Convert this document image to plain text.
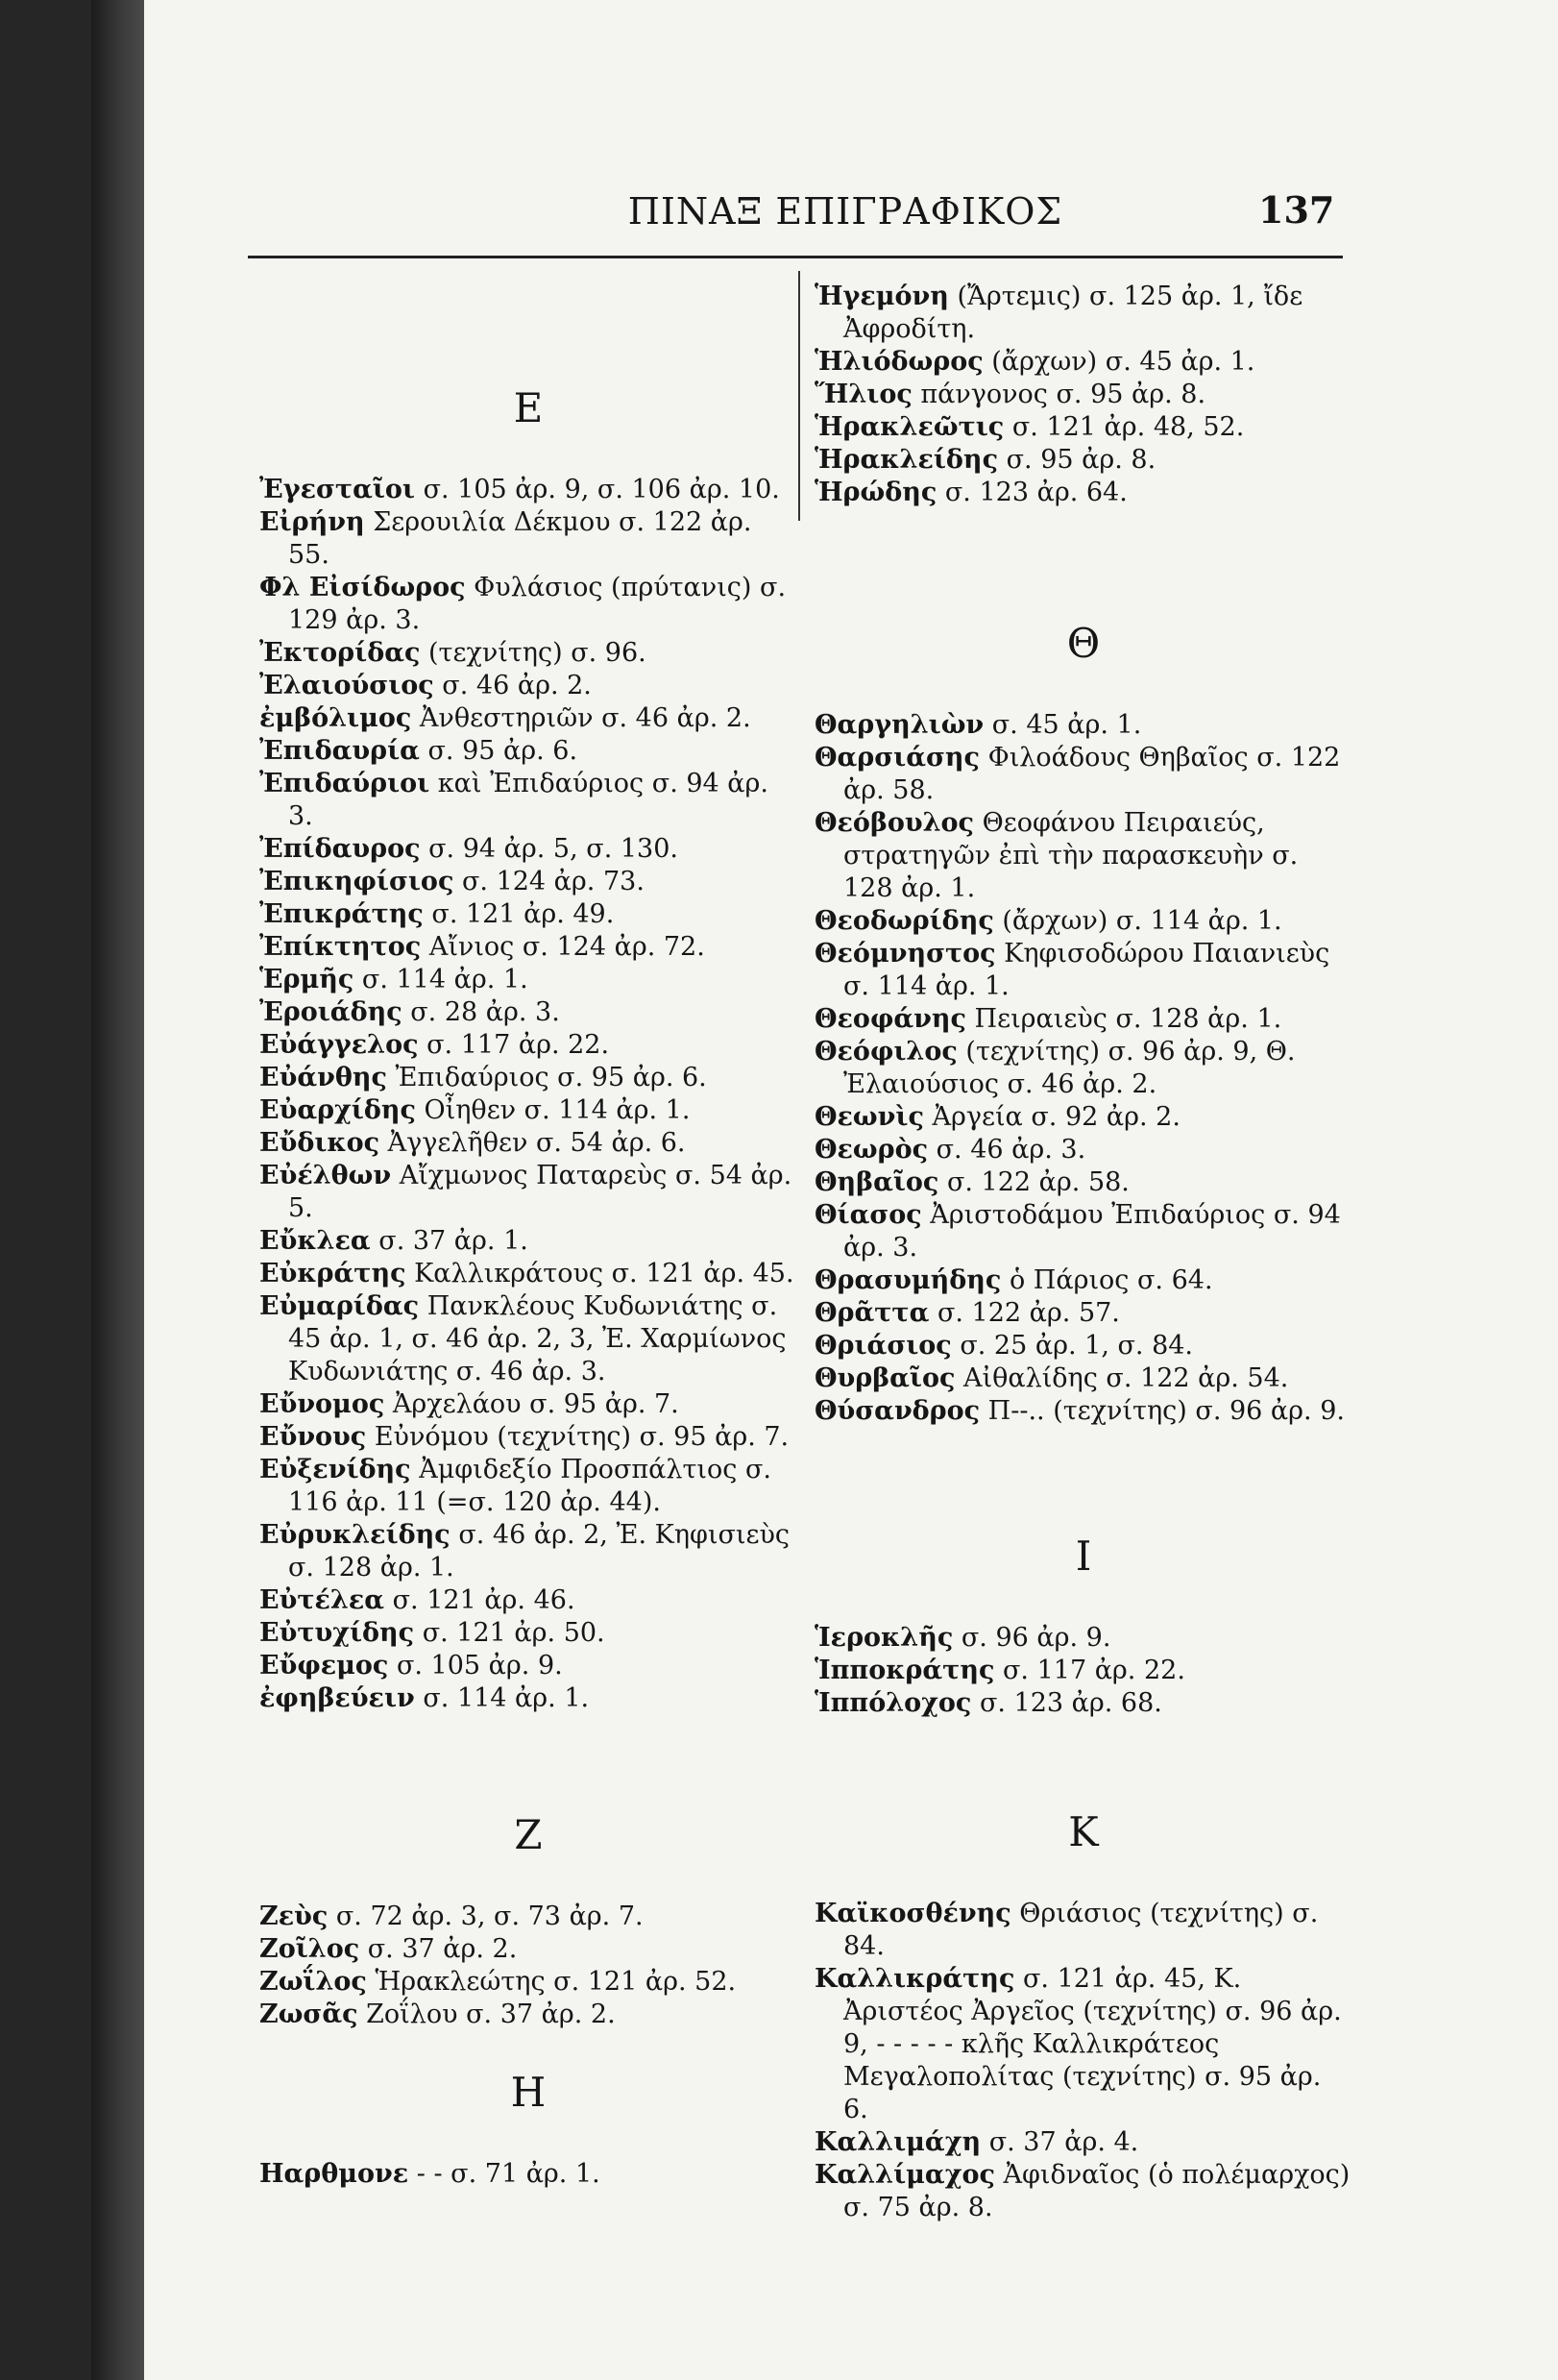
ΠΙΝΑΞ ΕΠΙΓΡΑΦΙΚΟΣ	137
Ε

Ἐγεσταῖοι σ. 105 ἀρ. 9, σ. 106 ἀρ. 10.

Εἰρήνη Σερουιλία Δέκμου σ. 122 ἀρ. 55.

Φλ Εἰσίδωρος Φυλάσιος (πρύτανις) σ. 129 ἀρ. 3.

Ἐκτορίδας (τεχνίτης) σ. 96.

Ἐλαιούσιος σ. 46 ἀρ. 2.

ἐμβόλιμος Ἀνθεστηριῶν σ. 46 ἀρ. 2.

Ἐπιδαυρία σ. 95 ἀρ. 6.

Ἐπιδαύριοι καὶ Ἐπιδαύριος σ. 94 ἀρ. 3.

Ἐπίδαυρος σ. 94 ἀρ. 5, σ. 130.

Ἐπικηφίσιος σ. 124 ἀρ. 73.

Ἐπικράτης σ. 121 ἀρ. 49.

Ἐπίκτητος Αἴνιος σ. 124 ἀρ. 72.

Ἑρμῆς σ. 114 ἀρ. 1.

Ἐροιάδης σ. 28 ἀρ. 3.

Εὐάγγελος σ. 117 ἀρ. 22.

Εὐάνθης Ἐπιδαύριος σ. 95 ἀρ. 6.

Εὐαρχίδης Οἶηθεν σ. 114 ἀρ. 1.

Εὔδικος Ἀγγελῆθεν σ. 54 ἀρ. 6.

Εὐέλθων Αἴχμωνος Παταρεὺς σ. 54 ἀρ. 5.

Εὔκλεα σ. 37 ἀρ. 1.

Εὐκράτης Καλλικράτους σ. 121 ἀρ. 45.

Εὐμαρίδας Πανκλέους Κυδωνιάτης σ. 45 ἀρ. 1, σ. 46 ἀρ. 2, 3, Ἐ. Χαρμίωνος Κυδωνιάτης σ. 46 ἀρ. 3.

Εὔνομος Ἀρχελάου σ. 95 ἀρ. 7.

Εὔνους Εὐνόμου (τεχνίτης) σ. 95 ἀρ. 7.

Εὐξενίδης Ἀμφιδεξίο Προσπάλτιος σ. 116 ἀρ. 11 (=σ. 120 ἀρ. 44).

Εὐρυκλείδης σ. 46 ἀρ. 2, Ἐ. Κηφισιεὺς σ. 128 ἀρ. 1.

Εὐτέλεα σ. 121 ἀρ. 46.

Εὐτυχίδης σ. 121 ἀρ. 50.

Εὔφεμος σ. 105 ἀρ. 9.

ἐφηβεύειν σ. 114 ἀρ. 1.

Ζ

Ζεὺς σ. 72 ἀρ. 3, σ. 73 ἀρ. 7.

Ζοῖλος σ. 37 ἀρ. 2.

Ζωΐλος Ἡρακλεώτης σ. 121 ἀρ. 52.

Ζωσᾶς Ζοΐλου σ. 37 ἀρ. 2.

Η

Ηαρθμονε - - σ. 71 ἀρ. 1.

Ἡγεμόνη (Ἄρτεμις) σ. 125 ἀρ. 1, ἴδε Ἀφροδίτη.

Ἡλιόδωρος (ἄρχων) σ. 45 ἀρ. 1.

Ἥλιος πάνγονος σ. 95 ἀρ. 8.

Ἡρακλεῶτις σ. 121 ἀρ. 48, 52.

Ἡρακλείδης σ. 95 ἀρ. 8.

Ἡρώδης σ. 123 ἀρ. 64.

Θ

Θαργηλιὼν σ. 45 ἀρ. 1.

Θαρσιάσης Φιλοάδους Θηβαῖος σ. 122 ἀρ. 58.

Θεόβουλος Θεοφάνου Πειραιεύς, στρατηγῶν ἐπὶ τὴν παρασκευὴν σ. 128 ἀρ. 1.

Θεοδωρίδης (ἄρχων) σ. 114 ἀρ. 1.

Θεόμνηστος Κηφισοδώρου Παιανιεὺς σ. 114 ἀρ. 1.

Θεοφάνης Πειραιεὺς σ. 128 ἀρ. 1.

Θεόφιλος (τεχνίτης) σ. 96 ἀρ. 9, Θ. Ἐλαιούσιος σ. 46 ἀρ. 2.

Θεωνὶς Ἀργεία σ. 92 ἀρ. 2.

Θεωρὸς σ. 46 ἀρ. 3.

Θηβαῖος σ. 122 ἀρ. 58.

Θίασος Ἀριστοδάμου Ἐπιδαύριος σ. 94 ἀρ. 3.

Θρασυμήδης ὁ Πάριος σ. 64.

Θρᾶττα σ. 122 ἀρ. 57.

Θριάσιος σ. 25 ἀρ. 1, σ. 84.

Θυρβαῖος Αἰθαλίδης σ. 122 ἀρ. 54.

Θύσανδρος Π--.. (τεχνίτης) σ. 96 ἀρ. 9.

Ι

Ἱεροκλῆς σ. 96 ἀρ. 9.

Ἱπποκράτης σ. 117 ἀρ. 22.

Ἱππόλοχος σ. 123 ἀρ. 68.

Κ

Καϊκοσθένης Θριάσιος (τεχνίτης) σ. 84.

Καλλικράτης σ. 121 ἀρ. 45, Κ. Ἀριστέος Ἀργεῖος (τεχνίτης) σ. 96 ἀρ. 9, - - - - - κλῆς Καλλικράτεος Μεγαλοπολίτας (τεχνίτης) σ. 95 ἀρ. 6.

Καλλιμάχη σ. 37 ἀρ. 4.

Καλλίμαχος Ἀφιδναῖος (ὁ πολέμαρχος) σ. 75 ἀρ. 8.
